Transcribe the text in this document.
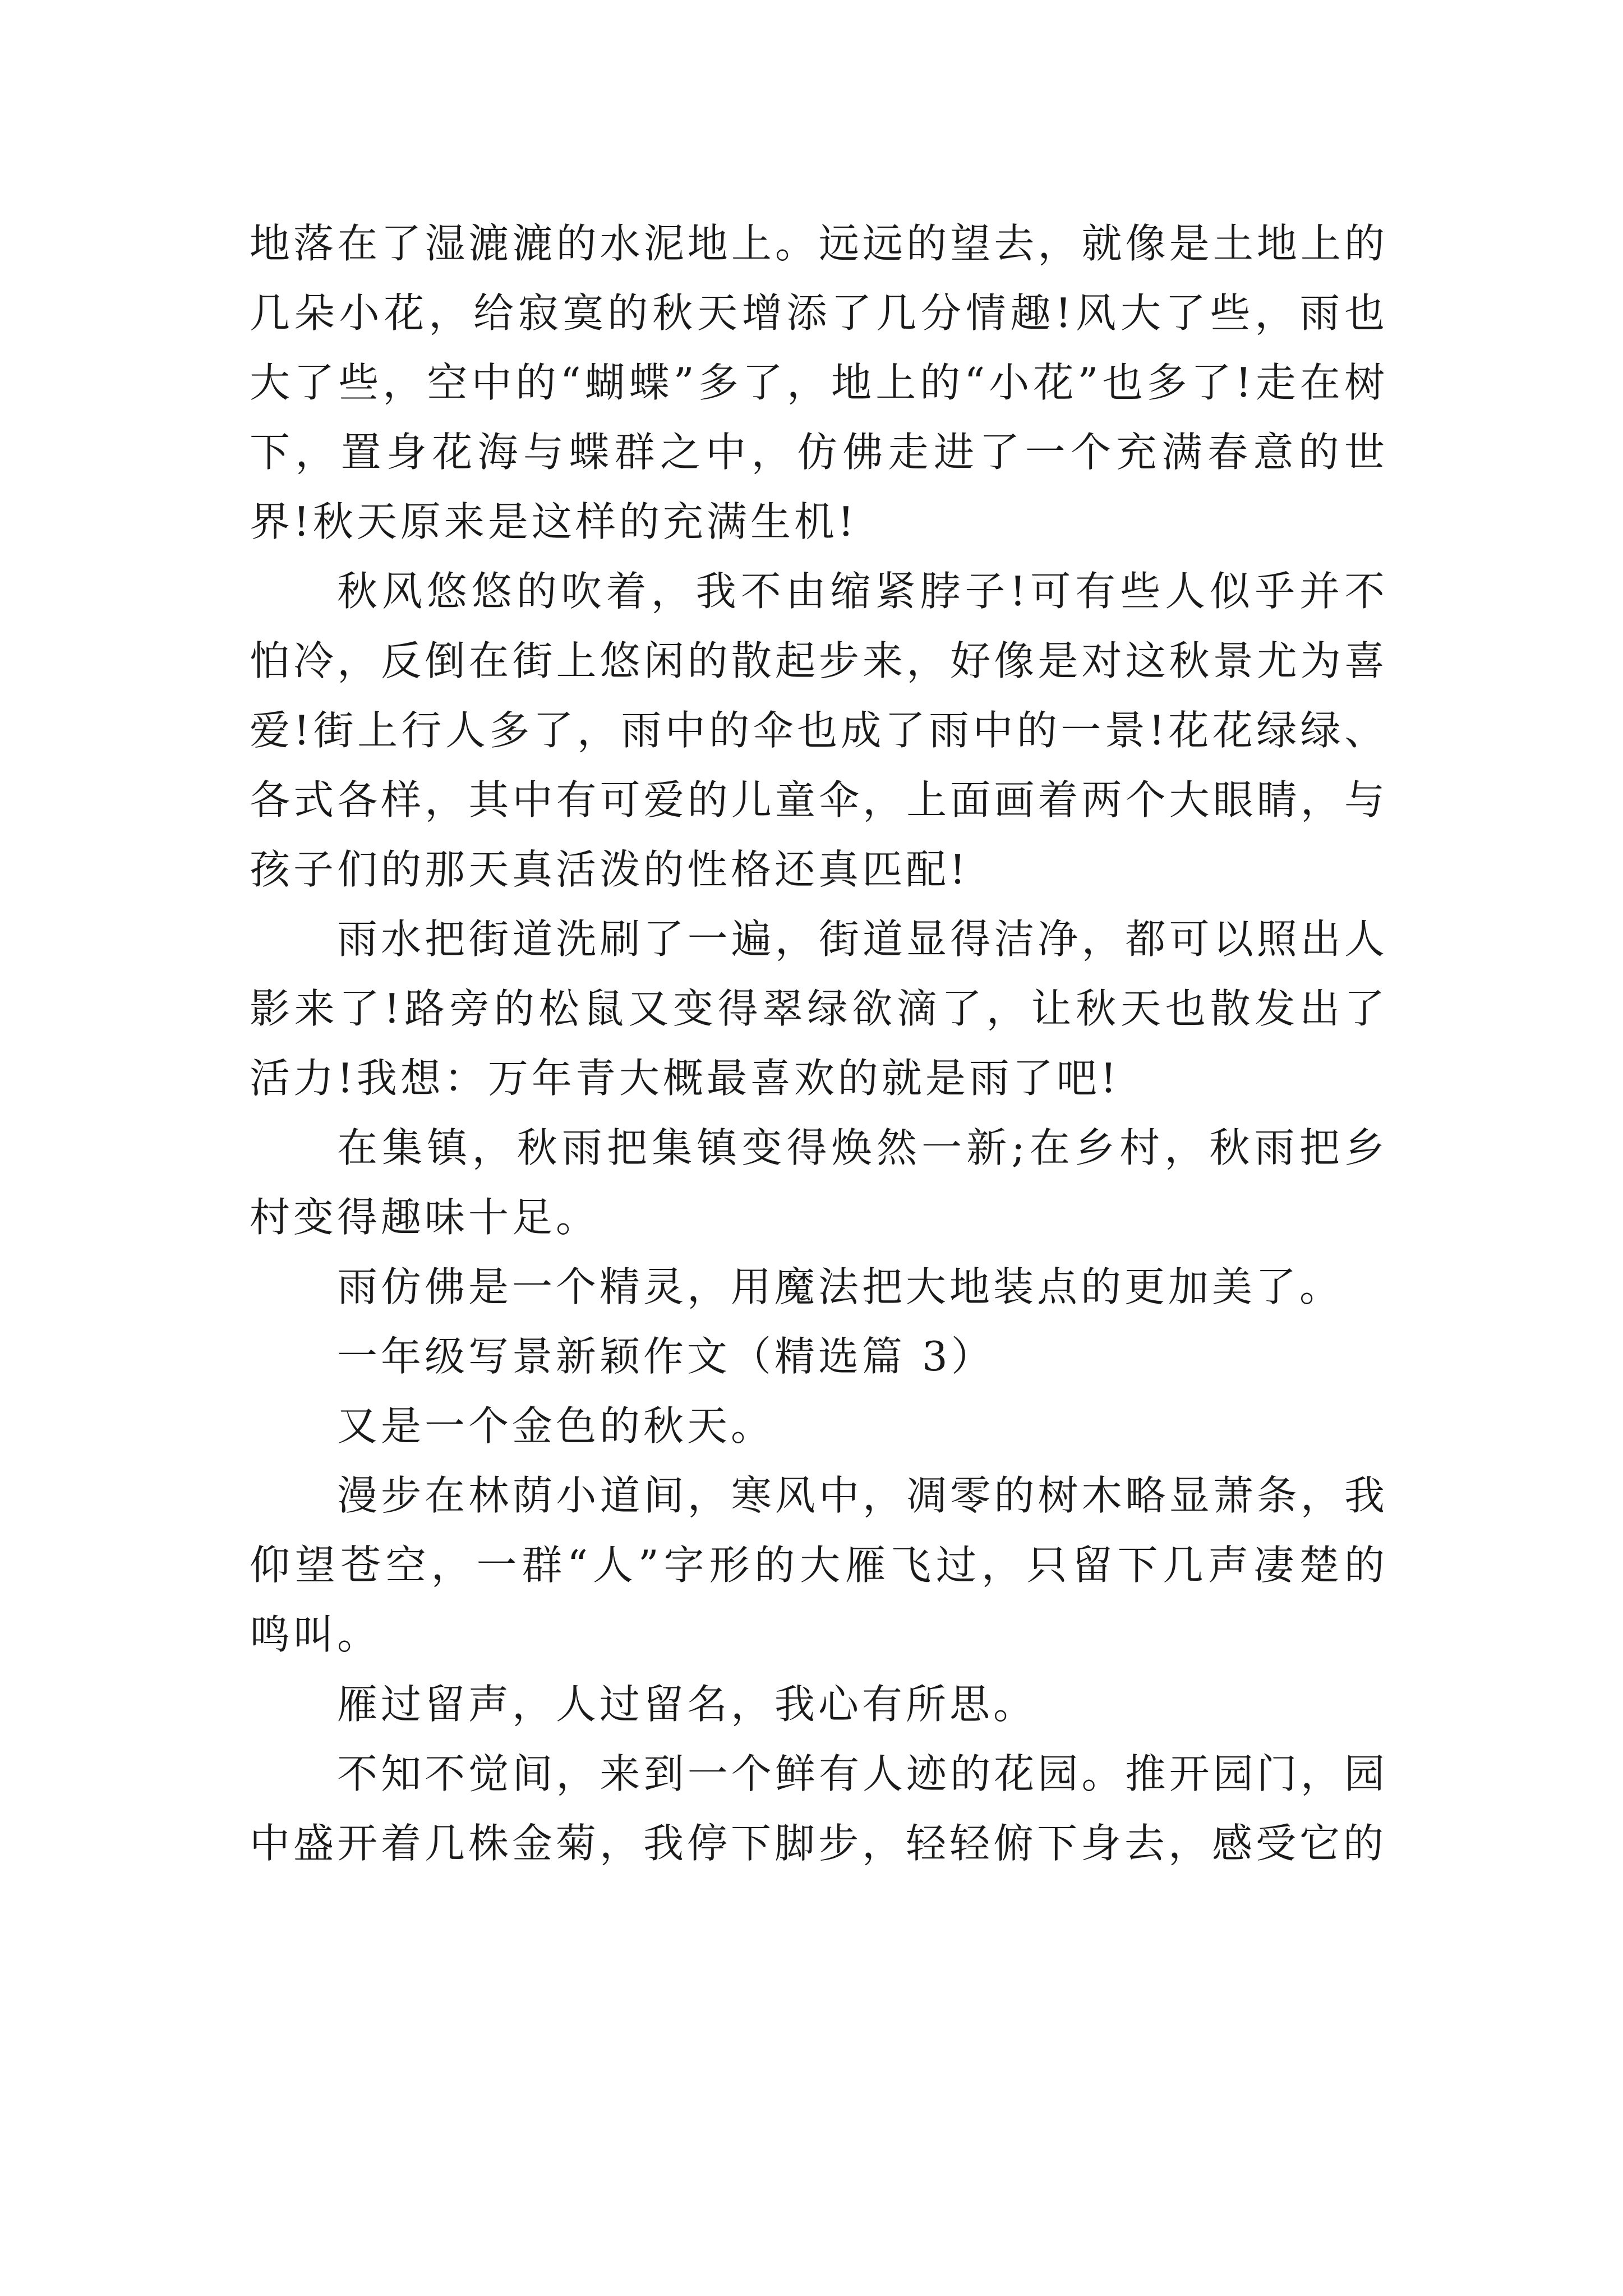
地落在了湿漉漉的水泥地上。远远的望去，就像是土地上的几朵小花，给寂寞的秋天增添了几分情趣!风大了些，雨也大了些，空中的“蝴蝶”多了，地上的“小花”也多了!走在树下，置身花海与蝶群之中，仿佛走进了一个充满春意的世界!秋天原来是这样的充满生机!

秋风悠悠的吹着，我不由缩紧脖子!可有些人似乎并不怕冷，反倒在街上悠闲的散起步来，好像是对这秋景尤为喜爱!街上行人多了，雨中的伞也成了雨中的一景!花花绿绿、各式各样，其中有可爱的儿童伞，上面画着两个大眼睛，与孩子们的那天真活泼的性格还真匹配!

雨水把街道洗刷了一遍，街道显得洁净，都可以照出人影来了!路旁的松鼠又变得翠绿欲滴了，让秋天也散发出了活力!我想：万年青大概最喜欢的就是雨了吧!

在集镇，秋雨把集镇变得焕然一新;在乡村，秋雨把乡村变得趣味十足。

雨仿佛是一个精灵，用魔法把大地装点的更加美了。

一年级写景新颖作文（精选篇 3）

又是一个金色的秋天。

漫步在林荫小道间，寒风中，凋零的树木略显萧条，我仰望苍空，一群“人”字形的大雁飞过，只留下几声凄楚的鸣叫。

雁过留声，人过留名，我心有所思。

不知不觉间，来到一个鲜有人迹的花园。推开园门，园中盛开着几株金菊，我停下脚步，轻轻俯下身去，感受它的
